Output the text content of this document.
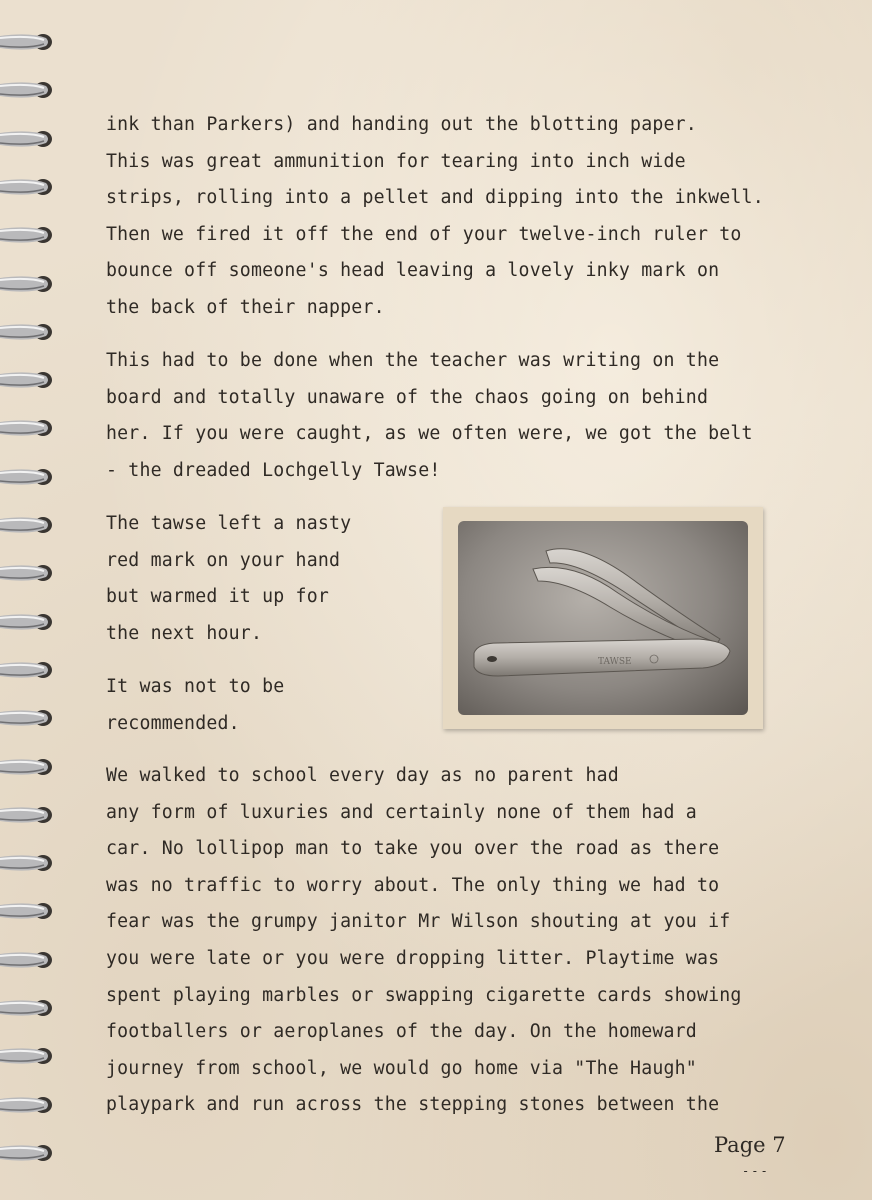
ink than Parkers) and handing out the blotting paper.
This was great ammunition for tearing into inch wide
strips, rolling into a pellet and dipping into the inkwell.
Then we fired it off the end of your twelve-inch ruler to
bounce off someone's head leaving a lovely inky mark on
the back of their napper.
This had to be done when the teacher was writing on the
board and totally unaware of the chaos going on behind
her. If you were caught, as we often were, we got the belt
- the dreaded Lochgelly Tawse!
The tawse left a nasty
red mark on your hand
but warmed it up for
the next hour.
It was not to be
recommended.
We walked to school every day as no parent had
any form of luxuries and certainly none of them had a
car. No lollipop man to take you over the road as there
was no traffic to worry about. The only thing we had to
fear was the grumpy janitor Mr Wilson shouting at you if
you were late or you were dropping litter. Playtime was
spent playing marbles or swapping cigarette cards showing
footballers or aeroplanes of the day. On the homeward
journey from school, we would go home via "The Haugh"
playpark and run across the stepping stones between the
TAWSE
Page 7
---
